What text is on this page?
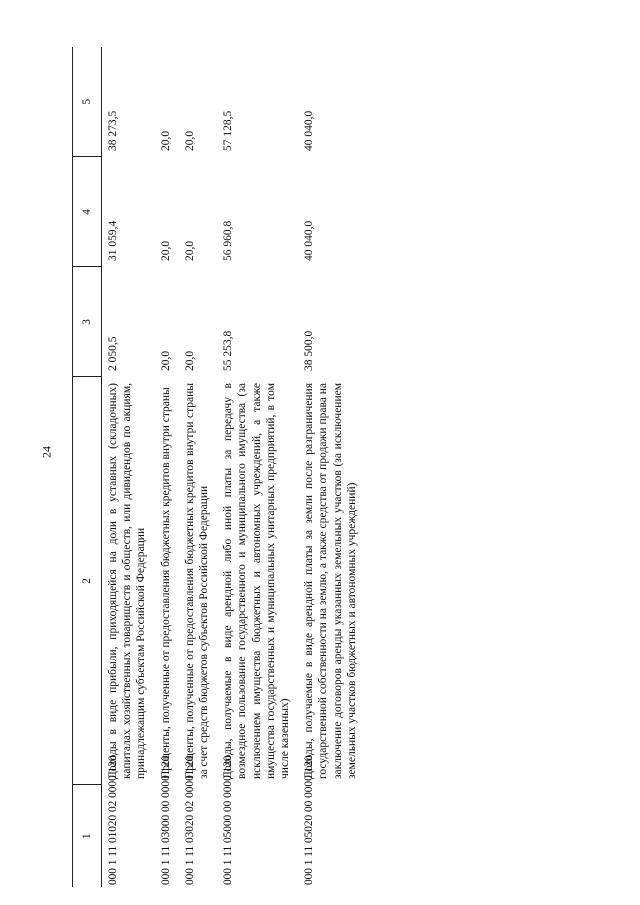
24
1	2	3	4	5
000 1 11 01020 02 0000 120	Доходы в виде прибыли, приходящейся на доли в уставных (складочных) капиталах хозяйственных товариществ и обществ, или дивидендов по акциям, принадлежащим субъектам Российской Федерации	2 050,5	31 059,4	38 273,5
000 1 11 03000 00 0000 120	Проценты, полученные от предоставления бюджетных кредитов внутри страны	20,0	20,0	20,0
000 1 11 03020 02 0000 120	Проценты, полученные от предоставления бюджетных кредитов внутри страны за счет средств бюджетов субъектов Российской Федерации	20,0	20,0	20,0
000 1 11 05000 00 0000 120	Доходы, получаемые в виде арендной либо иной платы за передачу в возмездное пользование государственного и муниципального имущества (за исключением имущества бюджетных и автономных учреждений, а также имущества государственных и муниципальных унитарных предприятий, в том числе казенных)	55 253,8	56 960,8	57 128,5
000 1 11 05020 00 0000 120	Доходы, получаемые в виде арендной платы за земли после разграничения государственной собственности на землю, а также средства от продажи права на заключение договоров аренды указанных земельных участков (за исключением земельных участков бюджетных и автономных учреждений)	38 500,0	40 040,0	40 040,0
